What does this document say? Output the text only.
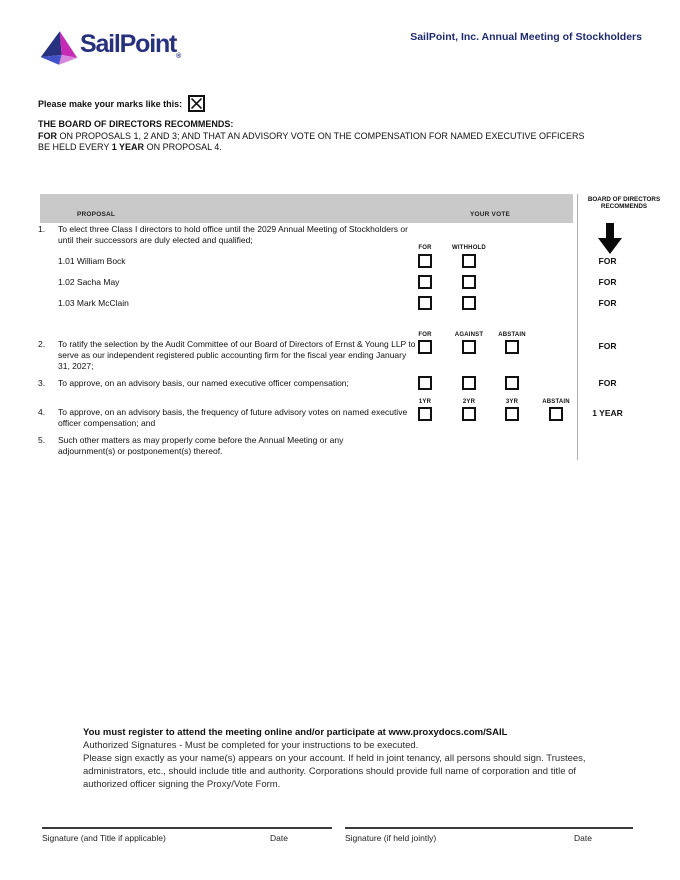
SailPoint$_®$
SailPoint, Inc. Annual Meeting of Stockholders
Please make your marks like this:
THE BOARD OF DIRECTORS RECOMMENDS:
FOR ON PROPOSALS 1, 2 AND 3; AND THAT AN ADVISORY VOTE ON THE COMPENSATION FOR NAMED EXECUTIVE OFFICERS
BE HELD EVERY 1 YEAR ON PROPOSAL 4.
PROPOSAL	YOUR VOTE
BOARD OF DIRECTORS RECOMMENDS
1. To elect three Class I directors to hold office until the 2029 Annual Meeting of Stockholders or until their successors are duly elected and qualified;
FOR	WITHHOLD
1.01 William Bock	FOR
1.02 Sacha May	FOR
1.03 Mark McClain	FOR
FOR	AGAINST	ABSTAIN
2. To ratify the selection by the Audit Committee of our Board of Directors of Ernst & Young LLP to serve as our independent registered public accounting firm for the fiscal year ending January 31, 2027;
FOR
3. To approve, on an advisory basis, our named executive officer compensation;	FOR
1YR	2YR	3YR	ABSTAIN
4. To approve, on an advisory basis, the frequency of future advisory votes on named executive officer compensation; and
1 YEAR
5. Such other matters as may properly come before the Annual Meeting or any adjournment(s) or postponement(s) thereof.

You must register to attend the meeting online and/or participate at www.proxydocs.com/SAIL

Authorized Signatures - Must be completed for your instructions to be executed.

Please sign exactly as your name(s) appears on your account. If held in joint tenancy, all persons should sign. Trustees, administrators, etc., should include title and authority. Corporations should provide full name of corporation and title of authorized officer signing the Proxy/Vote Form.

Signature (and Title if applicable)	Date	Signature (if held jointly)	Date
